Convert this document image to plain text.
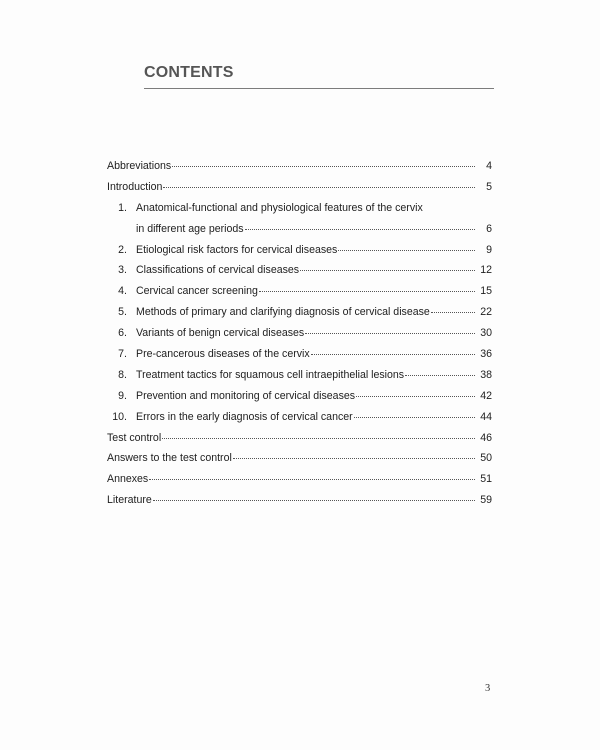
CONTENTS
Abbreviations	4
Introduction	5
1. Anatomical-functional and physiological features of the cervix
in different age periods	6
2. Etiological risk factors for cervical diseases	9
3. Classifications of cervical diseases	12
4. Cervical cancer screening	15
5. Methods of primary and clarifying diagnosis of cervical disease	22
6. Variants of benign cervical diseases	30
7. Pre-cancerous diseases of the cervix	36
8. Treatment tactics for squamous cell intraepithelial lesions	38
9. Prevention and monitoring of cervical diseases	42
10. Errors in the early diagnosis of cervical cancer	44
Test control	46
Answers to the test control	50
Annexes	51
Literature	59
3
